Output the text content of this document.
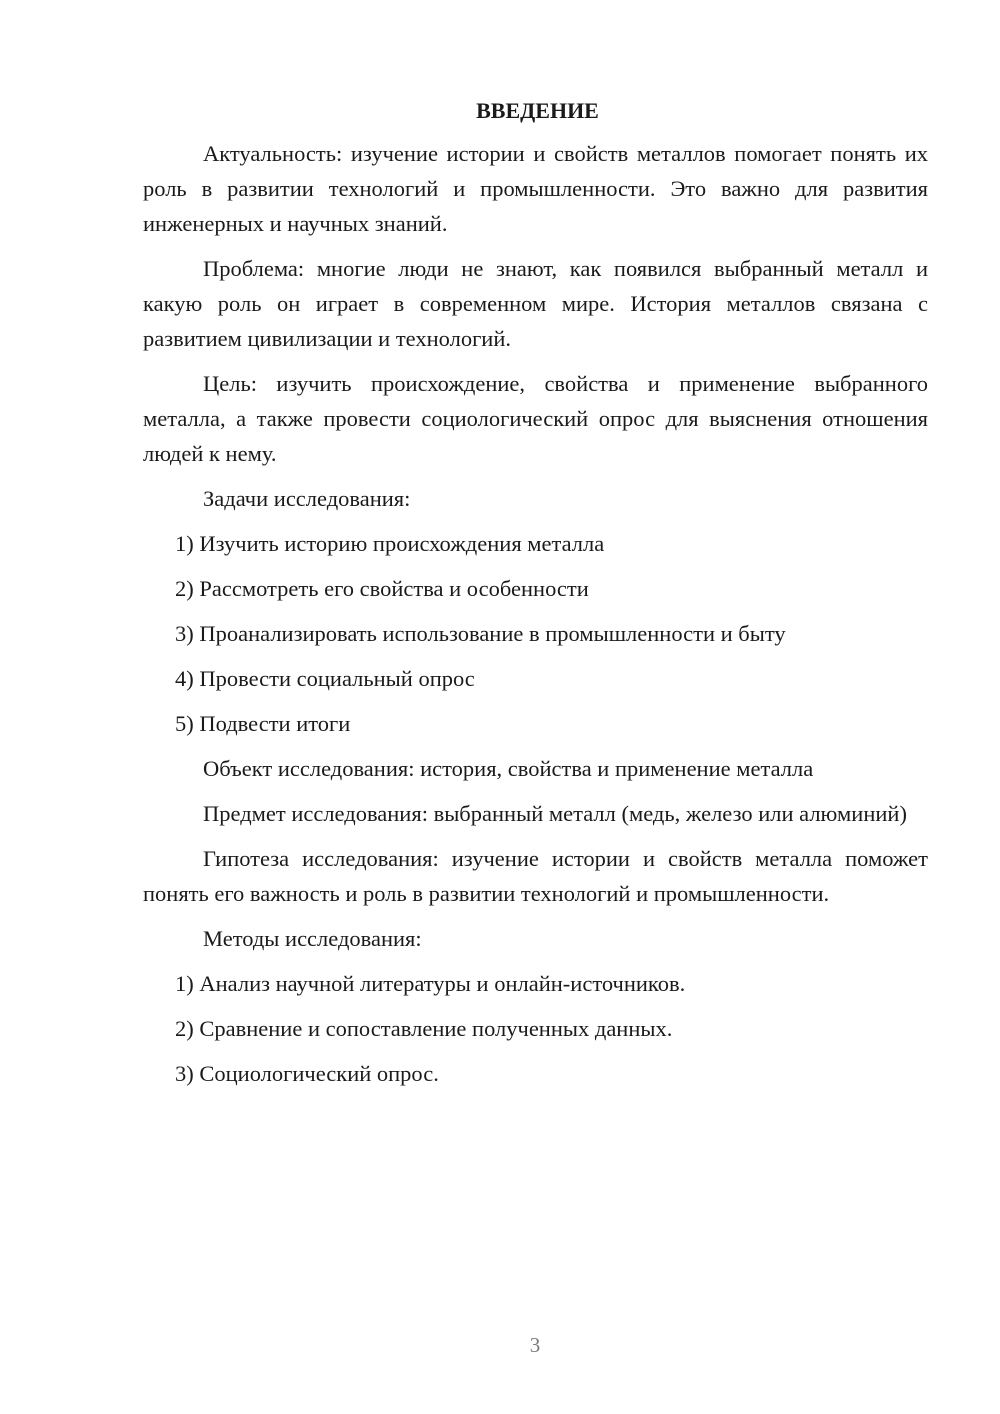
ВВЕДЕНИЕ

Актуальность: изучение истории и свойств металлов помогает понять их роль в развитии технологий и промышленности. Это важно для развития инженерных и научных знаний.

Проблема: многие люди не знают, как появился выбранный металл и какую роль он играет в современном мире. История металлов связана с развитием цивилизации и технологий.

Цель: изучить происхождение, свойства и применение выбранного металла, а также провести социологический опрос для выяснения отношения людей к нему.

Задачи исследования:

1) Изучить историю происхождения металла
2) Рассмотреть его свойства и особенности
3) Проанализировать использование в промышленности и быту
4) Провести социальный опрос
5) Подвести итоги

Объект исследования: история, свойства и применение металла

Предмет исследования: выбранный металл (медь, железо или алюминий)

Гипотеза исследования: изучение истории и свойств металла поможет понять его важность и роль в развитии технологий и промышленности.

Методы исследования:

1) Анализ научной литературы и онлайн-источников.
2) Сравнение и сопоставление полученных данных.
3) Социологический опрос.
3
